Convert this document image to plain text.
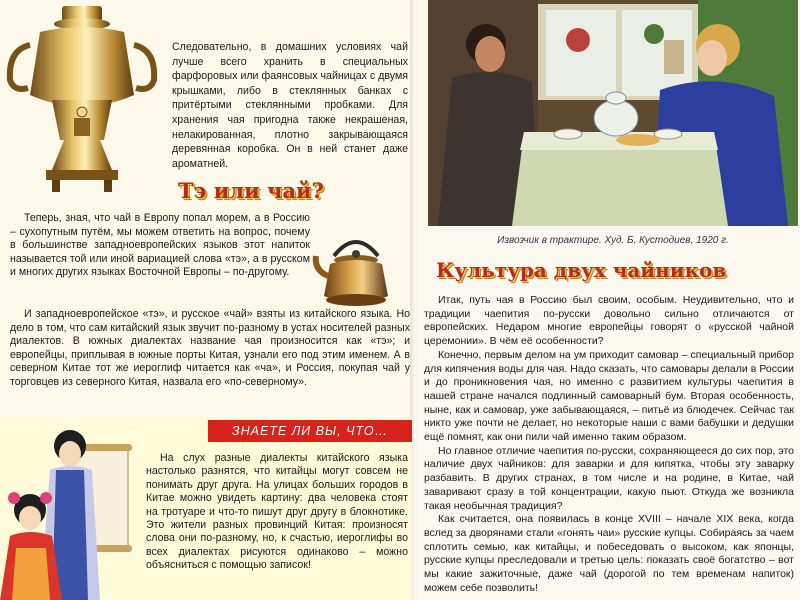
Следовательно, в домашних условиях чай лучше всего хранить в специальных фарфоровых или фаянсовых чайницах с двумя крышками, либо в стеклянных банках с притёртыми стеклянными пробками. Для хранения чая пригодна также некрашеная, нелакированная, плотно закрывающаяся деревянная коробка. Он в ней станет даже ароматней.

Тэ или чай?

Теперь, зная, что чай в Европу попал морем, а в Россию – сухопутным путём, мы можем ответить на вопрос, почему в большинстве западноевропейских языков этот напиток называется той или иной вариацией слова «тэ», а в русском и многих других языках Восточной Европы – по-другому.

И западноевропейское «тэ», и русское «чай» взяты из китайского языка. Но дело в том, что сам китайский язык звучит по-разному в устах носителей разных диалектов. В южных диалектах название чая произносится как «тэ»; и европейцы, приплывая в южные порты Китая, узнали его под этим именем. А в северном Китае тот же иероглиф читается как «ча», и Россия, покупая чай у торговцев из северного Китая, назвала его «по-северному».

ЗНАЕТЕ ЛИ ВЫ, ЧТО…

На слух разные диалекты китайского языка настолько разнятся, что китайцы могут совсем не понимать друг друга. На улицах больших городов в Китае можно увидеть картину: два человека стоят на тротуаре и что-то пишут друг другу в блокнотике. Это жители разных провинций Китая: произносят слова они по-разному, но, к счастью, иероглифы во всех диалектах рисуются одинаково – можно объясниться с помощью записок!

Извозчик в трактире. Худ. Б. Кустодиев, 1920 г.
Культура двух чайников

Итак, путь чая в Россию был своим, особым. Неудивительно, что и традиции чаепития по-русски довольно сильно отличаются от европейских. Недаром многие европейцы говорят о «русской чайной церемонии». В чём её особенности?

Конечно, первым делом на ум приходит самовар – специальный прибор для кипячения воды для чая. Надо сказать, что самовары делали в России и до проникновения чая, но именно с развитием культуры чаепития в нашей стране начался подлинный самоварный бум. Вторая особенность, ныне, как и самовар, уже забывающаяся, – питьё из блюдечек. Сейчас так никто уже почти не делает, но некоторые наши с вами бабушки и дедушки ещё помнят, как они пили чай именно таким образом.

Но главное отличие чаепития по-русски, сохраняющееся до сих пор, это наличие двух чайников: для заварки и для кипятка, чтобы эту заварку разбавить. В других странах, в том числе и на родине, в Китае, чай заваривают сразу в той концентрации, какую пьют. Откуда же возникла такая необычная традиция?

Как считается, она появилась в конце XVIII – начале XIX века, когда вслед за дворянами стали «гонять чаи» русские купцы. Собираясь за чаем сплотить семью, как китайцы, и побеседовать о высоком, как японцы, русские купцы преследовали и третью цель: показать своё богатство – вот мы какие зажиточные, даже чай (дорогой по тем временам напиток) можем себе позволить!
